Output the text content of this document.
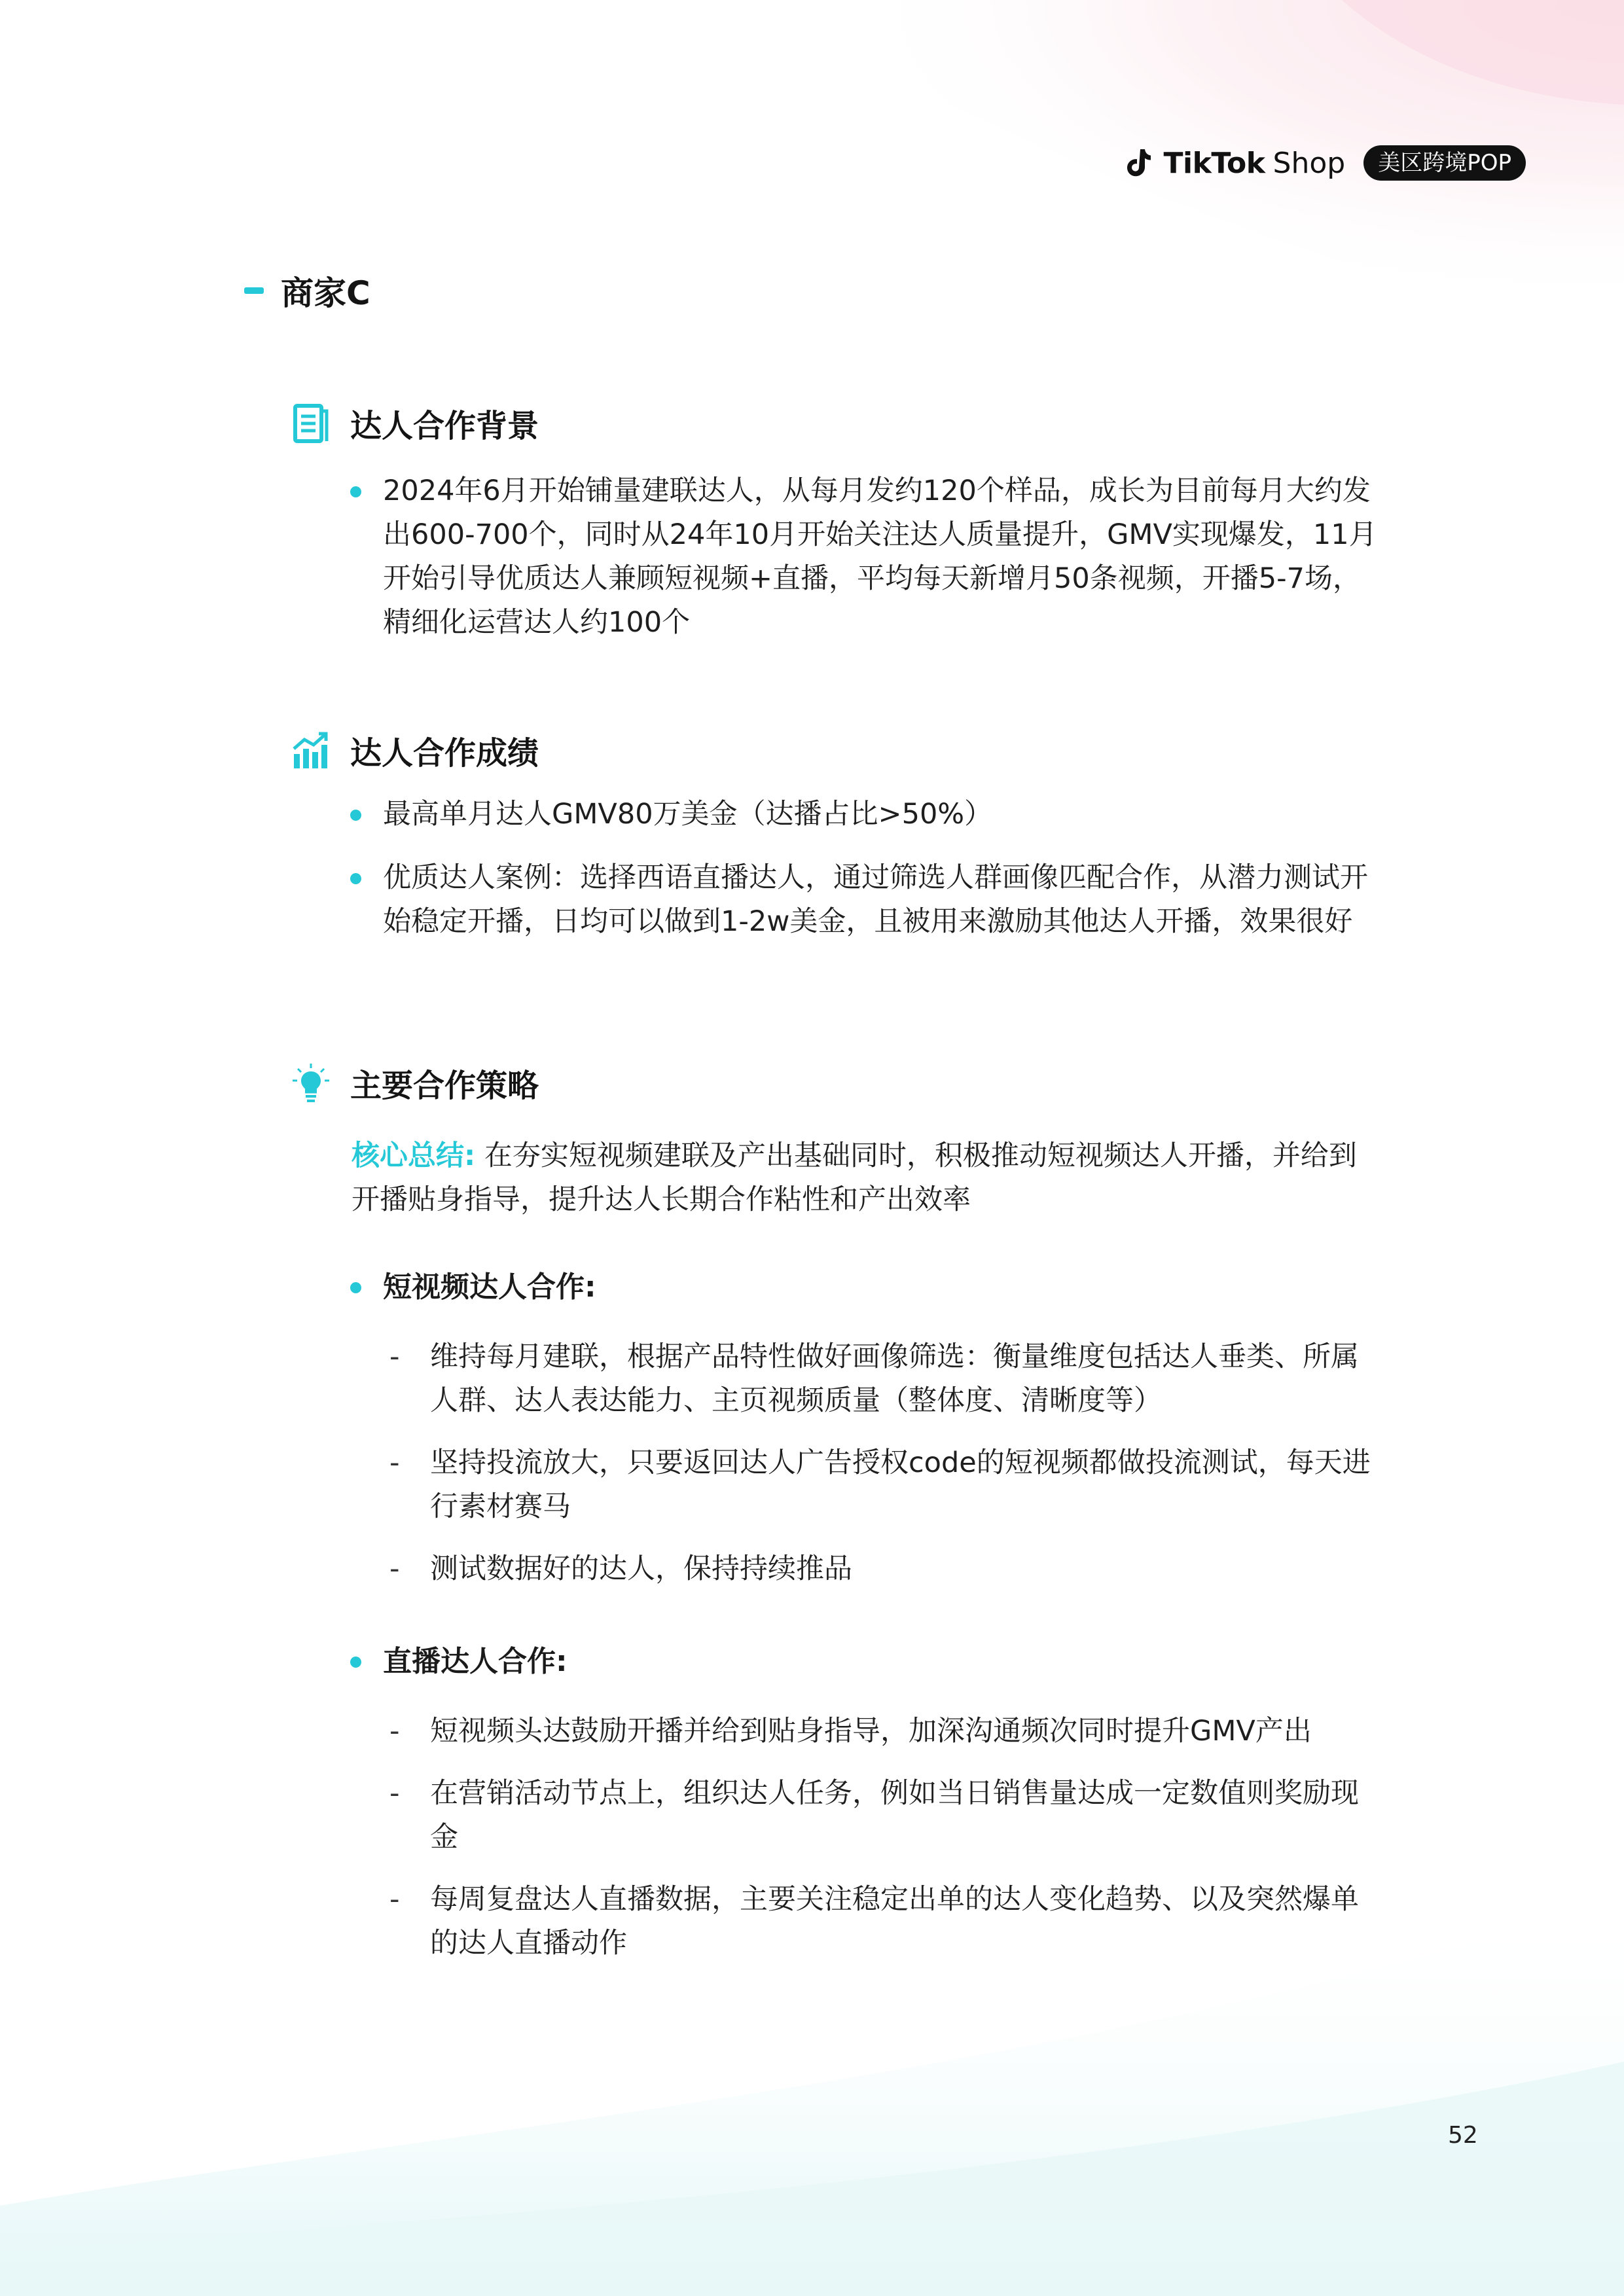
TikTok Shop	美区跨境POP
商家C
达人合作背景
2024年6月开始铺量建联达人，从每月发约120个样品，成长为目前每月大约发出600-700个，同时从24年10月开始关注达人质量提升，GMV实现爆发，11月开始引导优质达人兼顾短视频+直播，平均每天新增月50条视频，开播5-7场，精细化运营达人约100个
达人合作成绩
最高单月达人GMV80万美金（达播占比>50%）
优质达人案例：选择西语直播达人，通过筛选人群画像匹配合作，从潜力测试开始稳定开播，日均可以做到1-2w美金，且被用来激励其他达人开播，效果很好
主要合作策略
核心总结: 在夯实短视频建联及产出基础同时，积极推动短视频达人开播，并给到开播贴身指导，提升达人长期合作粘性和产出效率
短视频达人合作:
- 维持每月建联，根据产品特性做好画像筛选：衡量维度包括达人垂类、所属人群、达人表达能力、主页视频质量（整体度、清晰度等）
- 坚持投流放大，只要返回达人广告授权code的短视频都做投流测试，每天进行素材赛马
- 测试数据好的达人，保持持续推品
直播达人合作:
- 短视频头达鼓励开播并给到贴身指导，加深沟通频次同时提升GMV产出
- 在营销活动节点上，组织达人任务，例如当日销售量达成一定数值则奖励现金
- 每周复盘达人直播数据，主要关注稳定出单的达人变化趋势、以及突然爆单的达人直播动作
52
